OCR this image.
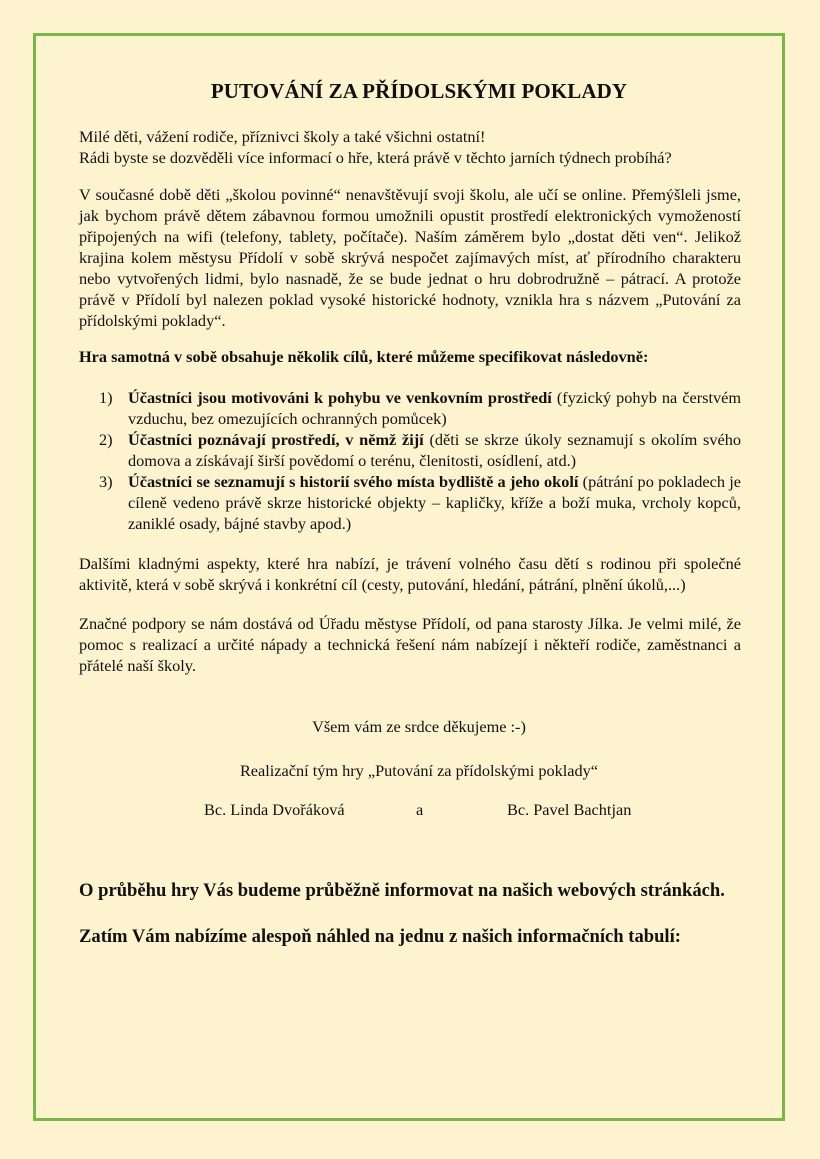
PUTOVÁNÍ ZA PŘÍDOLSKÝMI POKLADY

Milé děti, vážení rodiče, příznivci školy a také všichni ostatní!

Rádi byste se dozvěděli více informací o hře, která právě v těchto jarních týdnech probíhá?

V současné době děti „školou povinné“ nenavštěvují svoji školu, ale učí se online. Přemýšleli jsme, jak bychom právě dětem zábavnou formou umožnili opustit prostředí elektronických vymožeností připojených na wifi (telefony, tablety, počítače). Naším záměrem bylo „dostat děti ven“. Jelikož krajina kolem městysu Přídolí v sobě skrývá nespočet zajímavých míst, ať přírodního charakteru nebo vytvořených lidmi, bylo nasnadě, že se bude jednat o hru dobrodružně – pátrací. A protože právě v Přídolí byl nalezen poklad vysoké historické hodnoty, vznikla hra s názvem „Putování za přídolskými poklady“.

Hra samotná v sobě obsahuje několik cílů, které můžeme specifikovat následovně:

1) Účastníci jsou motivováni k pohybu ve venkovním prostředí (fyzický pohyb na čerstvém vzduchu, bez omezujících ochranných pomůcek)
2) Účastníci poznávají prostředí, v němž žijí (děti se skrze úkoly seznamují s okolím svého domova a získávají širší povědomí o terénu, členitosti, osídlení, atd.)
3) Účastníci se seznamují s historií svého místa bydliště a jeho okolí (pátrání po pokladech je cíleně vedeno právě skrze historické objekty – kapličky, kříže a boží muka, vrcholy kopců, zaniklé osady, bájné stavby apod.)

Dalšími kladnými aspekty, které hra nabízí, je trávení volného času dětí s rodinou při společné aktivitě, která v sobě skrývá i konkrétní cíl (cesty, putování, hledání, pátrání, plnění úkolů,...)

Značné podpory se nám dostává od Úřadu městyse Přídolí, od pana starosty Jílka. Je velmi milé, že pomoc s realizací a určité nápady a technická řešení nám nabízejí i někteří rodiče, zaměstnanci a přátelé naší školy.

Všem vám ze srdce děkujeme :-)

Realizační tým hry „Putování za přídolskými poklady“

Bc. Linda Dvořáková	a	Bc. Pavel Bachtjan

O průběhu hry Vás budeme průběžně informovat na našich webových stránkách.

Zatím Vám nabízíme alespoň náhled na jednu z našich informačních tabulí:
